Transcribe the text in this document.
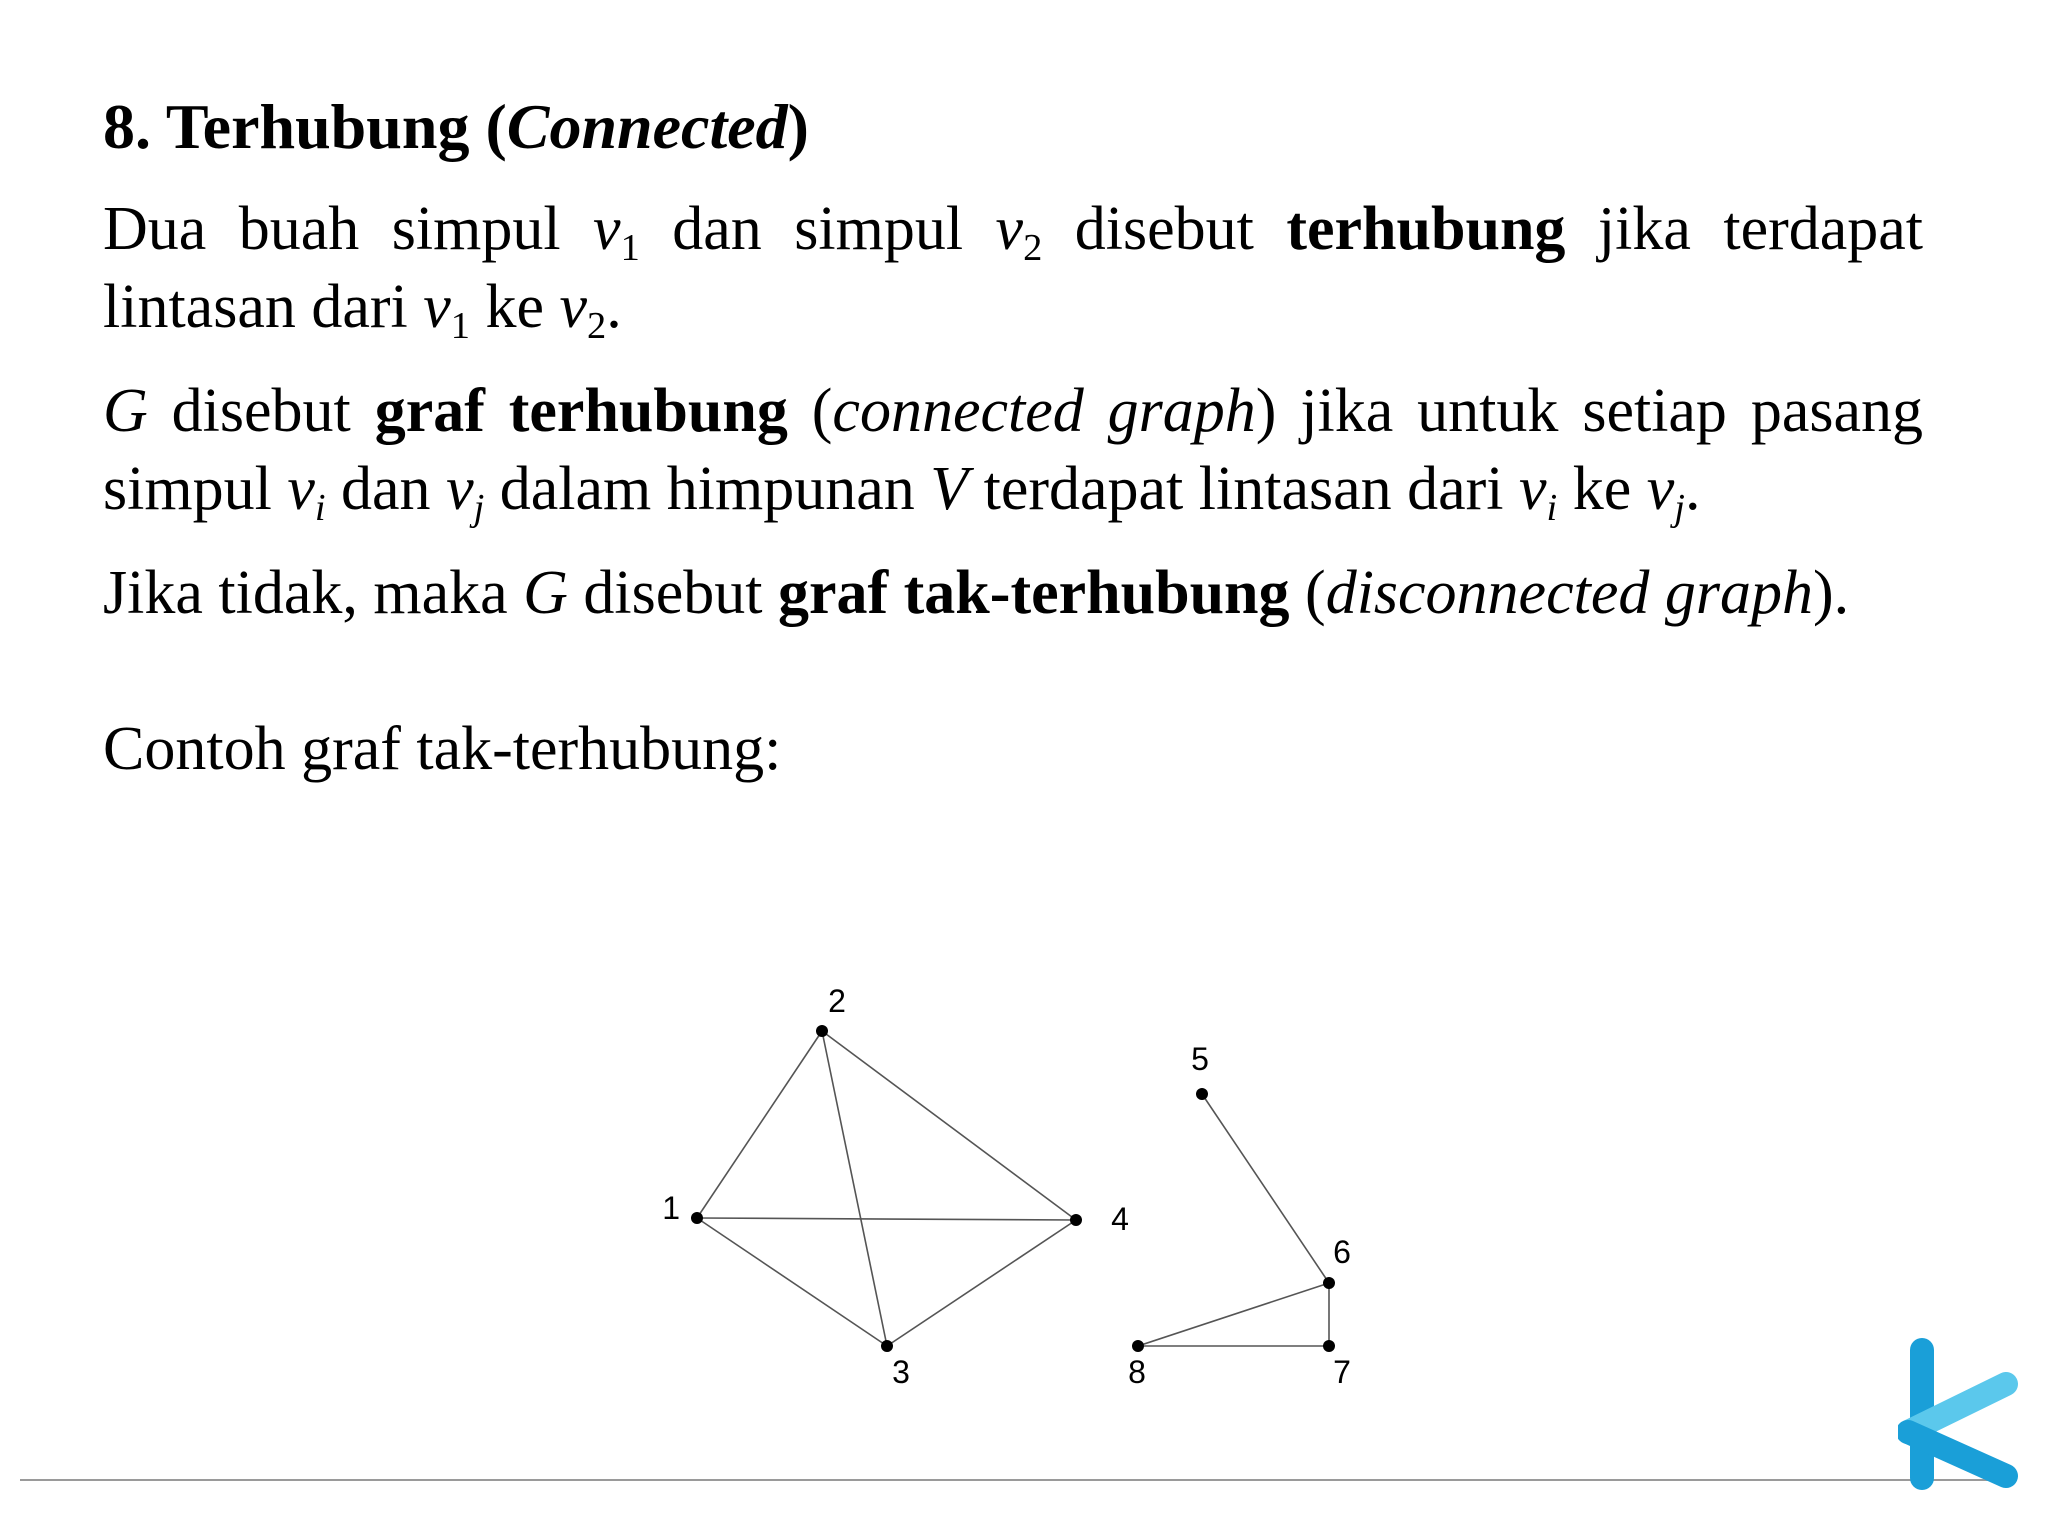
8. Terhubung (Connected)

Dua buah simpul $v_1$ dan simpul $v_2$ disebut terhubung jika terdapat lintasan dari $v_1$ ke $v_2$.

G disebut graf terhubung (connected graph) jika untuk setiap pasang simpul $v_i$ dan $v_j$ dalam himpunan V terdapat lintasan dari $v_i$ ke $v_j$.

Jika tidak, maka G disebut graf tak-terhubung (disconnected graph).

Contoh graf tak-terhubung:

1
2
3
4
5
6
7
8
